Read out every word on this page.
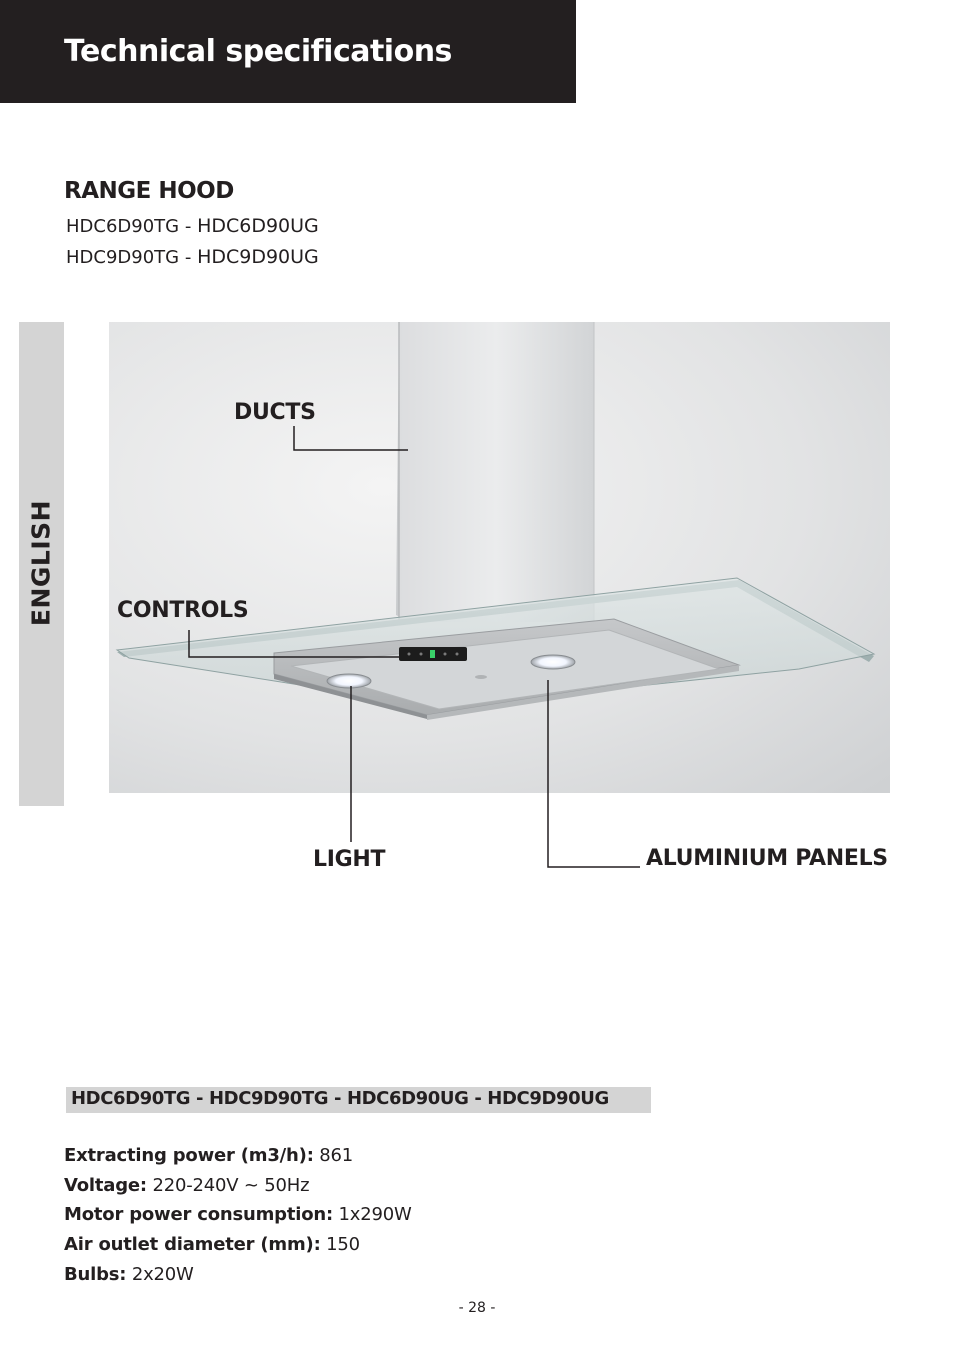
Technical specifications
RANGE HOOD
HDC6D90TG - HDC6D90UG
HDC9D90TG - HDC9D90UG
ENGLISH
DUCTS
CONTROLS
LIGHT	ALUMINIUM PANELS
HDC6D90TG - HDC9D90TG - HDC6D90UG - HDC9D90UG
Extracting power (m3/h): 861
Voltage: 220-240V ~ 50Hz
Motor power consumption: 1x290W
Air outlet diameter (mm): 150
Bulbs: 2x20W
- 28 -
